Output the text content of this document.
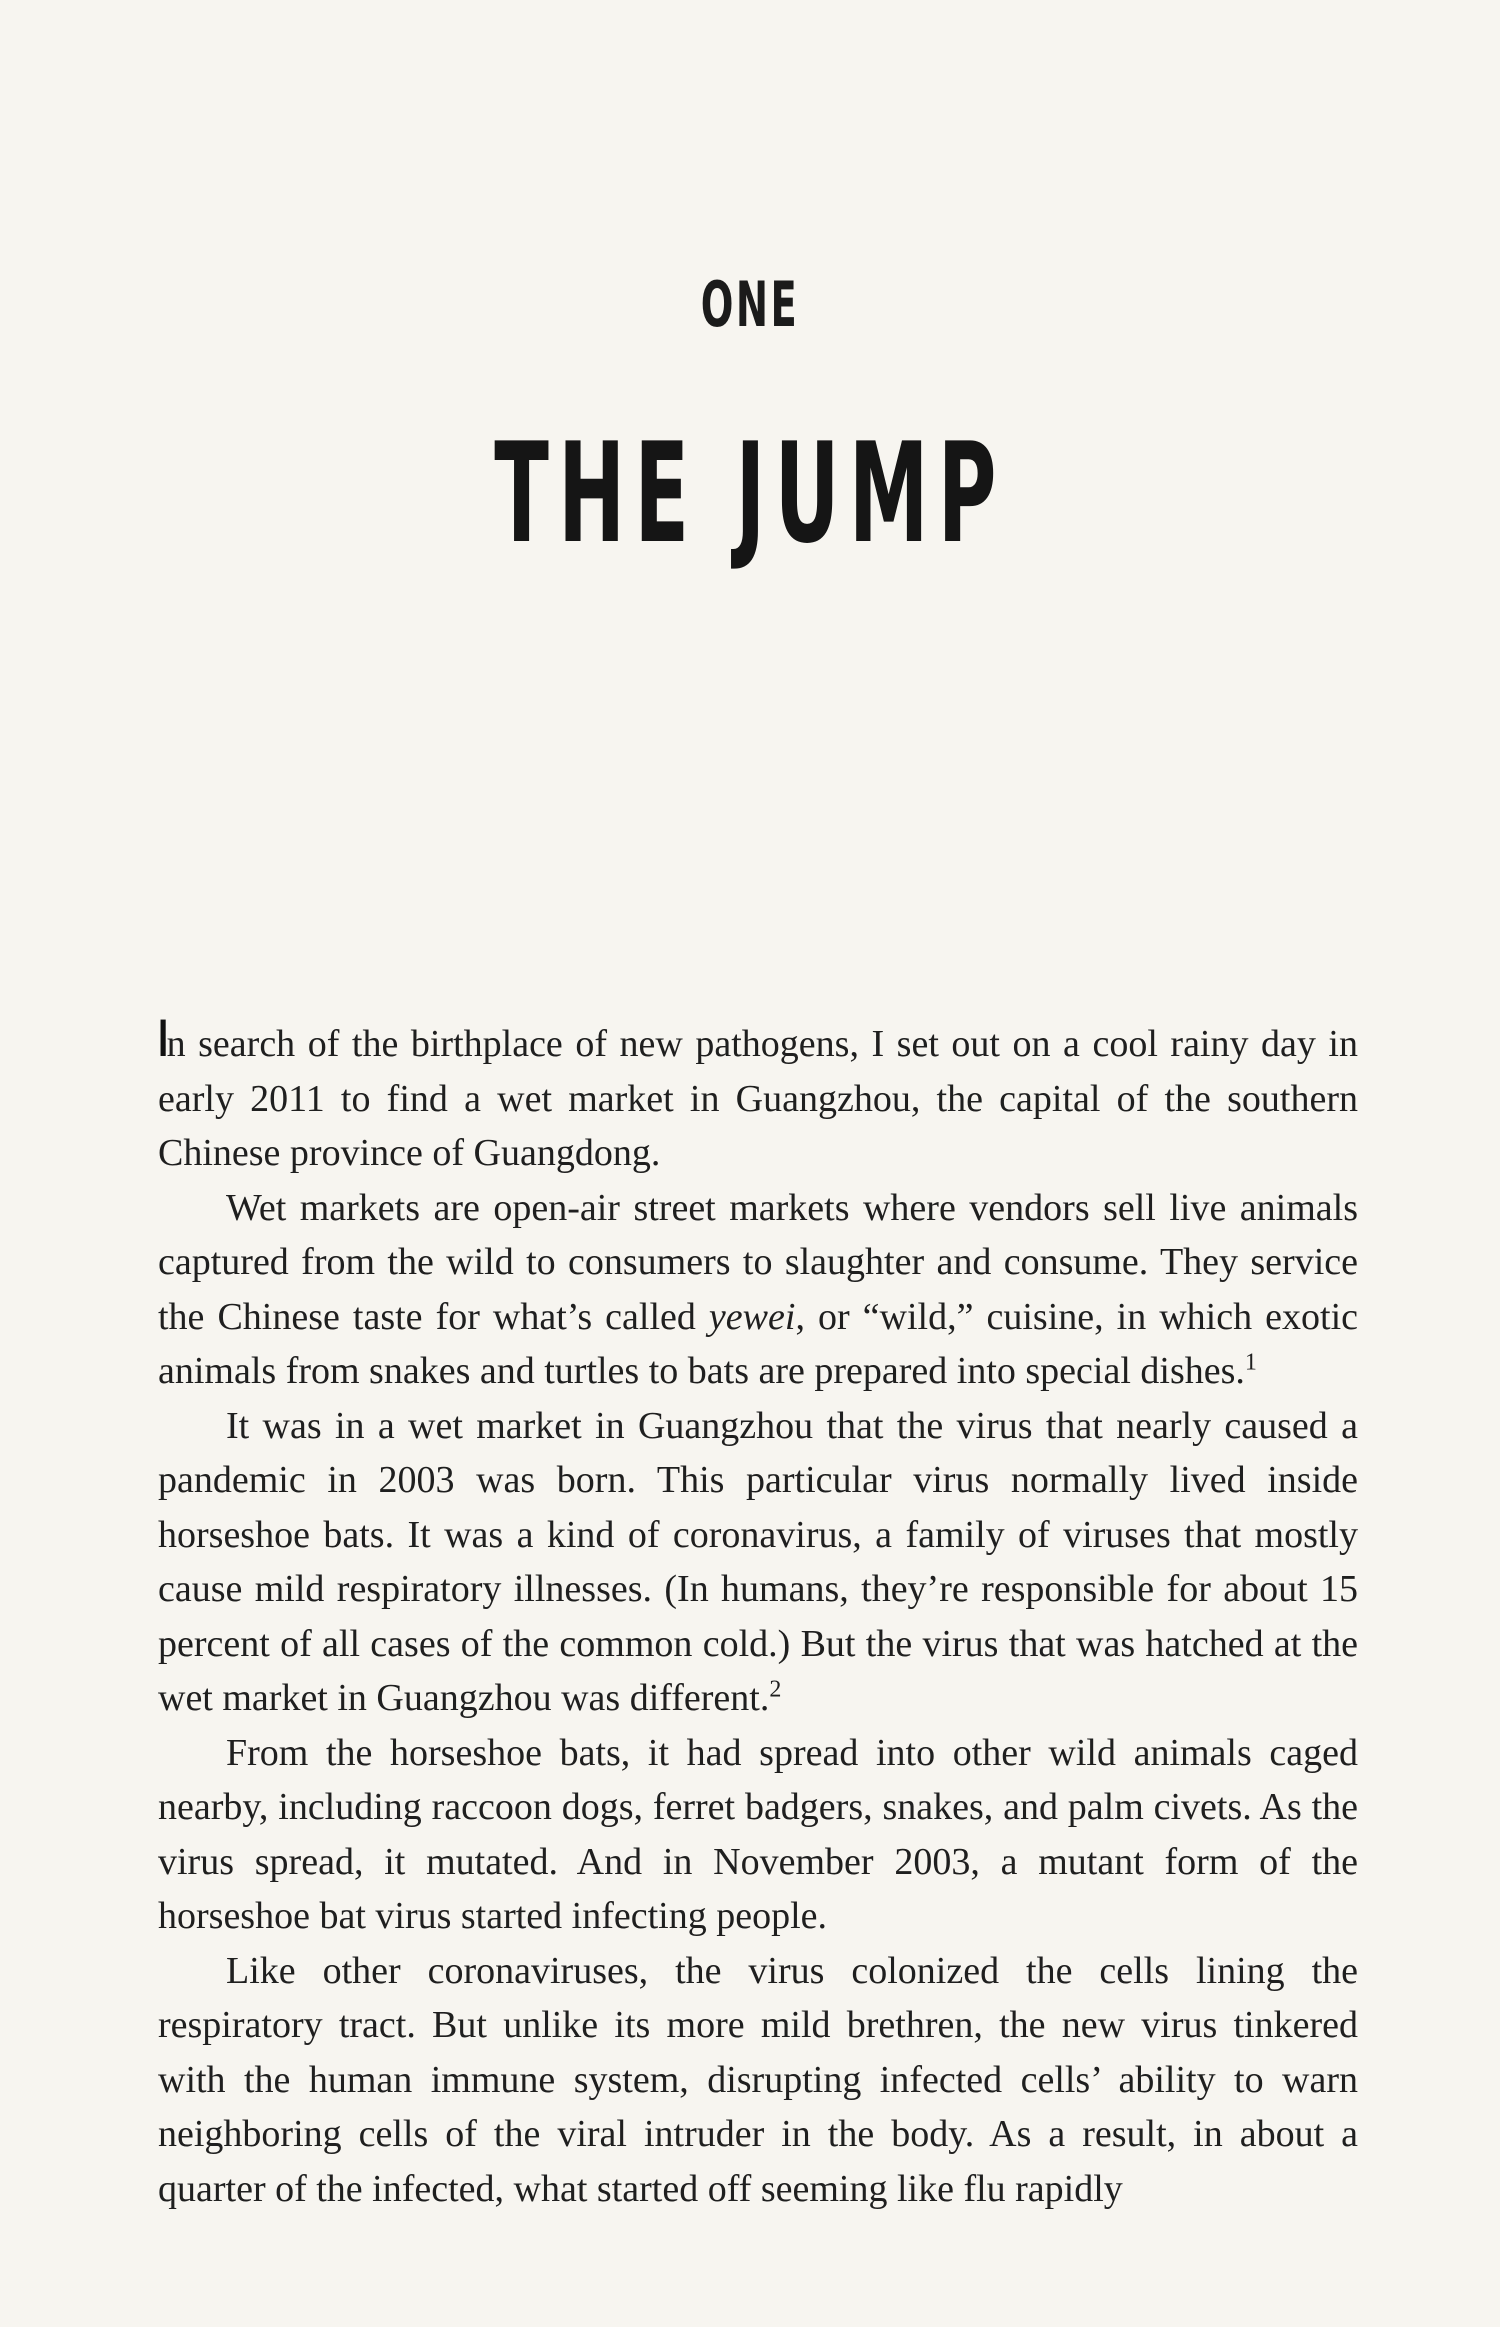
ONE
THE JUMP

In search of the birthplace of new pathogens, I set out on a cool rainy day in early 2011 to find a wet market in Guangzhou, the capital of the southern Chinese province of Guangdong.

Wet markets are open-air street markets where vendors sell live animals captured from the wild to consumers to slaughter and consume. They service the Chinese taste for what’s called yewei, or “wild,” cuisine, in which exotic animals from snakes and turtles to bats are prepared into special dishes.$^1$

It was in a wet market in Guangzhou that the virus that nearly caused a pandemic in 2003 was born. This particular virus normally lived inside horseshoe bats. It was a kind of coronavirus, a family of viruses that mostly cause mild respiratory illnesses. (In humans, they’re responsible for about 15 percent of all cases of the common cold.) But the virus that was hatched at the wet market in Guangzhou was different.$^2$

From the horseshoe bats, it had spread into other wild animals caged nearby, including raccoon dogs, ferret badgers, snakes, and palm civets. As the virus spread, it mutated. And in November 2003, a mutant form of the horseshoe bat virus started infecting people.

Like other coronaviruses, the virus colonized the cells lining the respiratory tract. But unlike its more mild brethren, the new virus tinkered with the human immune system, disrupting infected cells’ ability to warn neighboring cells of the viral intruder in the body. As a result, in about a quarter of the infected, what started off seeming like flu rapidly
